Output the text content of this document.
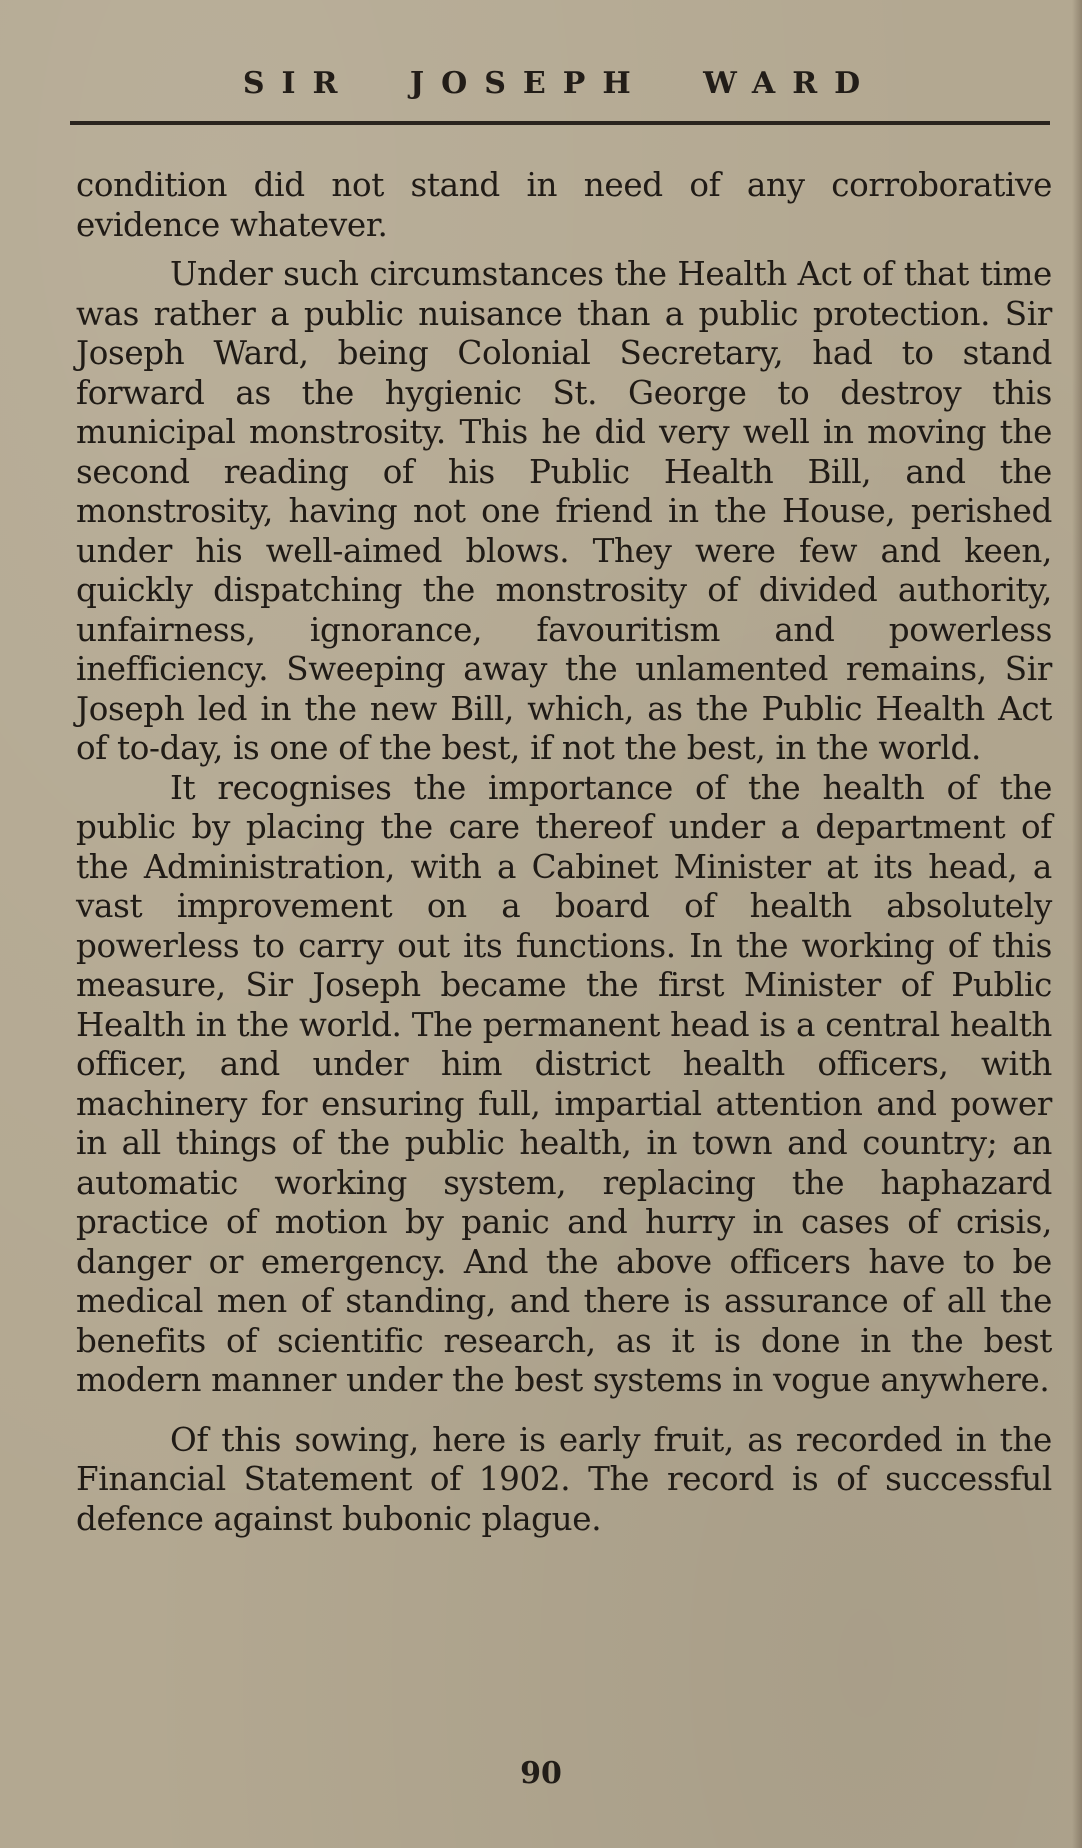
SIR JOSEPH WARD

condition did not stand in need of any corroborative evidence whatever.

Under such circumstances the Health Act of that time was rather a public nuisance than a public protection. Sir Joseph Ward, being Colonial Secretary, had to stand forward as the hygienic St. George to destroy this municipal monstrosity. This he did very well in moving the second reading of his Public Health Bill, and the monstrosity, having not one friend in the House, perished under his well-aimed blows. They were few and keen, quickly dispatching the monstrosity of divided authority, unfairness, ignorance, favouritism and powerless inefficiency. Sweeping away the unlamented remains, Sir Joseph led in the new Bill, which, as the Public Health Act of to-day, is one of the best, if not the best, in the world.

It recognises the importance of the health of the public by placing the care thereof under a department of the Administration, with a Cabinet Minister at its head, a vast improvement on a board of health absolutely powerless to carry out its functions. In the working of this measure, Sir Joseph became the first Minister of Public Health in the world. The permanent head is a central health officer, and under him district health officers, with machinery for ensuring full, impartial attention and power in all things of the public health, in town and country; an automatic working system, replacing the haphazard practice of motion by panic and hurry in cases of crisis, danger or emergency. And the above officers have to be medical men of standing, and there is assurance of all the benefits of scientific research, as it is done in the best modern manner under the best systems in vogue anywhere.

Of this sowing, here is early fruit, as recorded in the Financial Statement of 1902. The record is of successful defence against bubonic plague.

90
